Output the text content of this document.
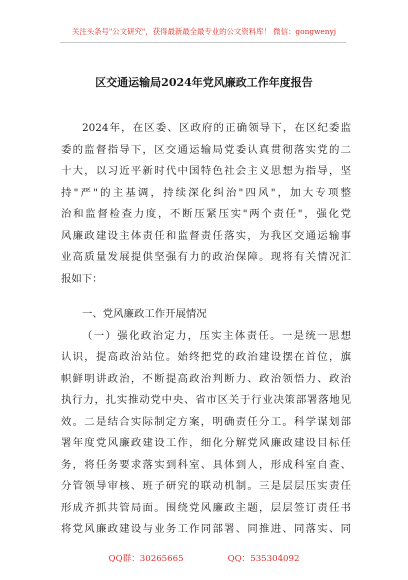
关注头条号"公文研究"，获得最新最全最专业的公文资料库！ 微信：gongwenyj
区交通运输局2024年党风廉政工作年度报告
2024年，在区委、区政府的正确领导下，在区纪委监
委的监督指导下，区交通运输局党委认真贯彻落实党的二
十大，以习近平新时代中国特色社会主义思想为指导，坚
持"严"的主基调，持续深化纠治"四风"，加大专项整
治和监督检查力度，不断压紧压实"两个责任"，强化党
风廉政建设主体责任和监督责任落实，为我区交通运输事
业高质量发展提供坚强有力的政治保障。现将有关情况汇
报如下：
一、党风廉政工作开展情况
（一）强化政治定力，压实主体责任。一是统一思想
认识，提高政治站位。始终把党的政治建设摆在首位，旗
帜鲜明讲政治，不断提高政治判断力、政治领悟力、政治
执行力，扎实推动党中央、省市区关于行业决策部署落地见
效。二是结合实际制定方案，明确责任分工。科学谋划部
署年度党风廉政建设工作，细化分解党风廉政建设目标任
务，将任务要求落实到科室、具体到人，形成科室自查、
分管领导审核、班子研究的联动机制。三是层层压实责任
形成齐抓共管局面。围绕党风廉政主题，层层签订责任书
将党风廉政建设与业务工作同部署、同推进、同落实、同
QQ群：30265665	QQ：535304092
